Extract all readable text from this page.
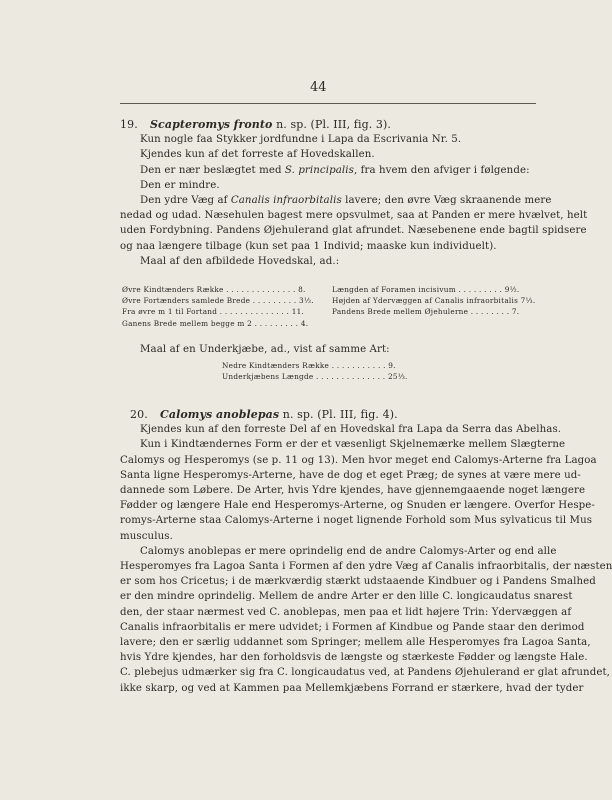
44
19. Scapteromys fronto n. sp. (Pl. III, fig. 3).
Kun nogle faa Stykker jordfundne i Lapa da Escrivania Nr. 5.
Kjendes kun af det forreste af Hovedskallen.
Den er nær beslægtet med S. principalis, fra hvem den afviger i følgende:
Den er mindre.
Den ydre Væg af Canalis infraorbitalis lavere; den øvre Væg skraanende mere
nedad og udad. Næsehulen bagest mere opsvulmet, saa at Panden er mere hvælvet, helt
uden Fordybning. Pandens Øjehulerand glat afrundet. Næsebenene ende bagtil spidsere
og naa længere tilbage (kun set paa 1 Individ; maaske kun individuelt).
Maal af den afbildede Hovedskal, ad.:
Øvre Kindtænders Række . . . . . . . . . . . . . . 8.	Længden af Foramen incisivum . . . . . . . . . 9½.
Øvre Fortænders samlede Brede . . . . . . . . . 3⅓.	Højden af Ydervæggen af Canalis infraorbitalis 7⅓.
Fra øvre m 1 til Fortand . . . . . . . . . . . . . . 11.	Pandens Brede mellem Øjehulerne . . . . . . . . 7.
Ganens Brede mellem begge m 2 . . . . . . . . . 4.
Maal af en Underkjæbe, ad., vist af samme Art:
Nedre Kindtænders Række . . . . . . . . . . . 9.
Underkjæbens Længde . . . . . . . . . . . . . . 25⅓.
20. Calomys anoblepas n. sp. (Pl. III, fig. 4).
Kjendes kun af den forreste Del af en Hovedskal fra Lapa da Serra das Abelhas.
Kun i Kindtændernes Form er der et væsenligt Skjelnemærke mellem Slægterne
Calomys og Hesperomys (se p. 11 og 13). Men hvor meget end Calomys-Arterne fra Lagoa
Santa ligne Hesperomys-Arterne, have de dog et eget Præg; de synes at være mere ud-
dannede som Løbere. De Arter, hvis Ydre kjendes, have gjennemgaaende noget længere
Fødder og længere Hale end Hesperomys-Arterne, og Snuden er længere. Overfor Hespe-
romys-Arterne staa Calomys-Arterne i noget lignende Forhold som Mus sylvaticus til Mus
musculus.
Calomys anoblepas er mere oprindelig end de andre Calomys-Arter og end alle
Hesperomyes fra Lagoa Santa i Formen af den ydre Væg af Canalis infraorbitalis, der næsten
er som hos Cricetus; i de mærkværdig stærkt udstaaende Kindbuer og i Pandens Smalhed
er den mindre oprindelig. Mellem de andre Arter er den lille C. longicaudatus snarest
den, der staar nærmest ved C. anoblepas, men paa et lidt højere Trin: Ydervæggen af
Canalis infraorbitalis er mere udvidet; i Formen af Kindbue og Pande staar den derimod
lavere; den er særlig uddannet som Springer; mellem alle Hesperomyes fra Lagoa Santa,
hvis Ydre kjendes, har den forholdsvis de længste og stærkeste Fødder og længste Hale.
C. plebejus udmærker sig fra C. longicaudatus ved, at Pandens Øjehulerand er glat afrundet,
ikke skarp, og ved at Kammen paa Mellemkjæbens Forrand er stærkere, hvad der tyder
